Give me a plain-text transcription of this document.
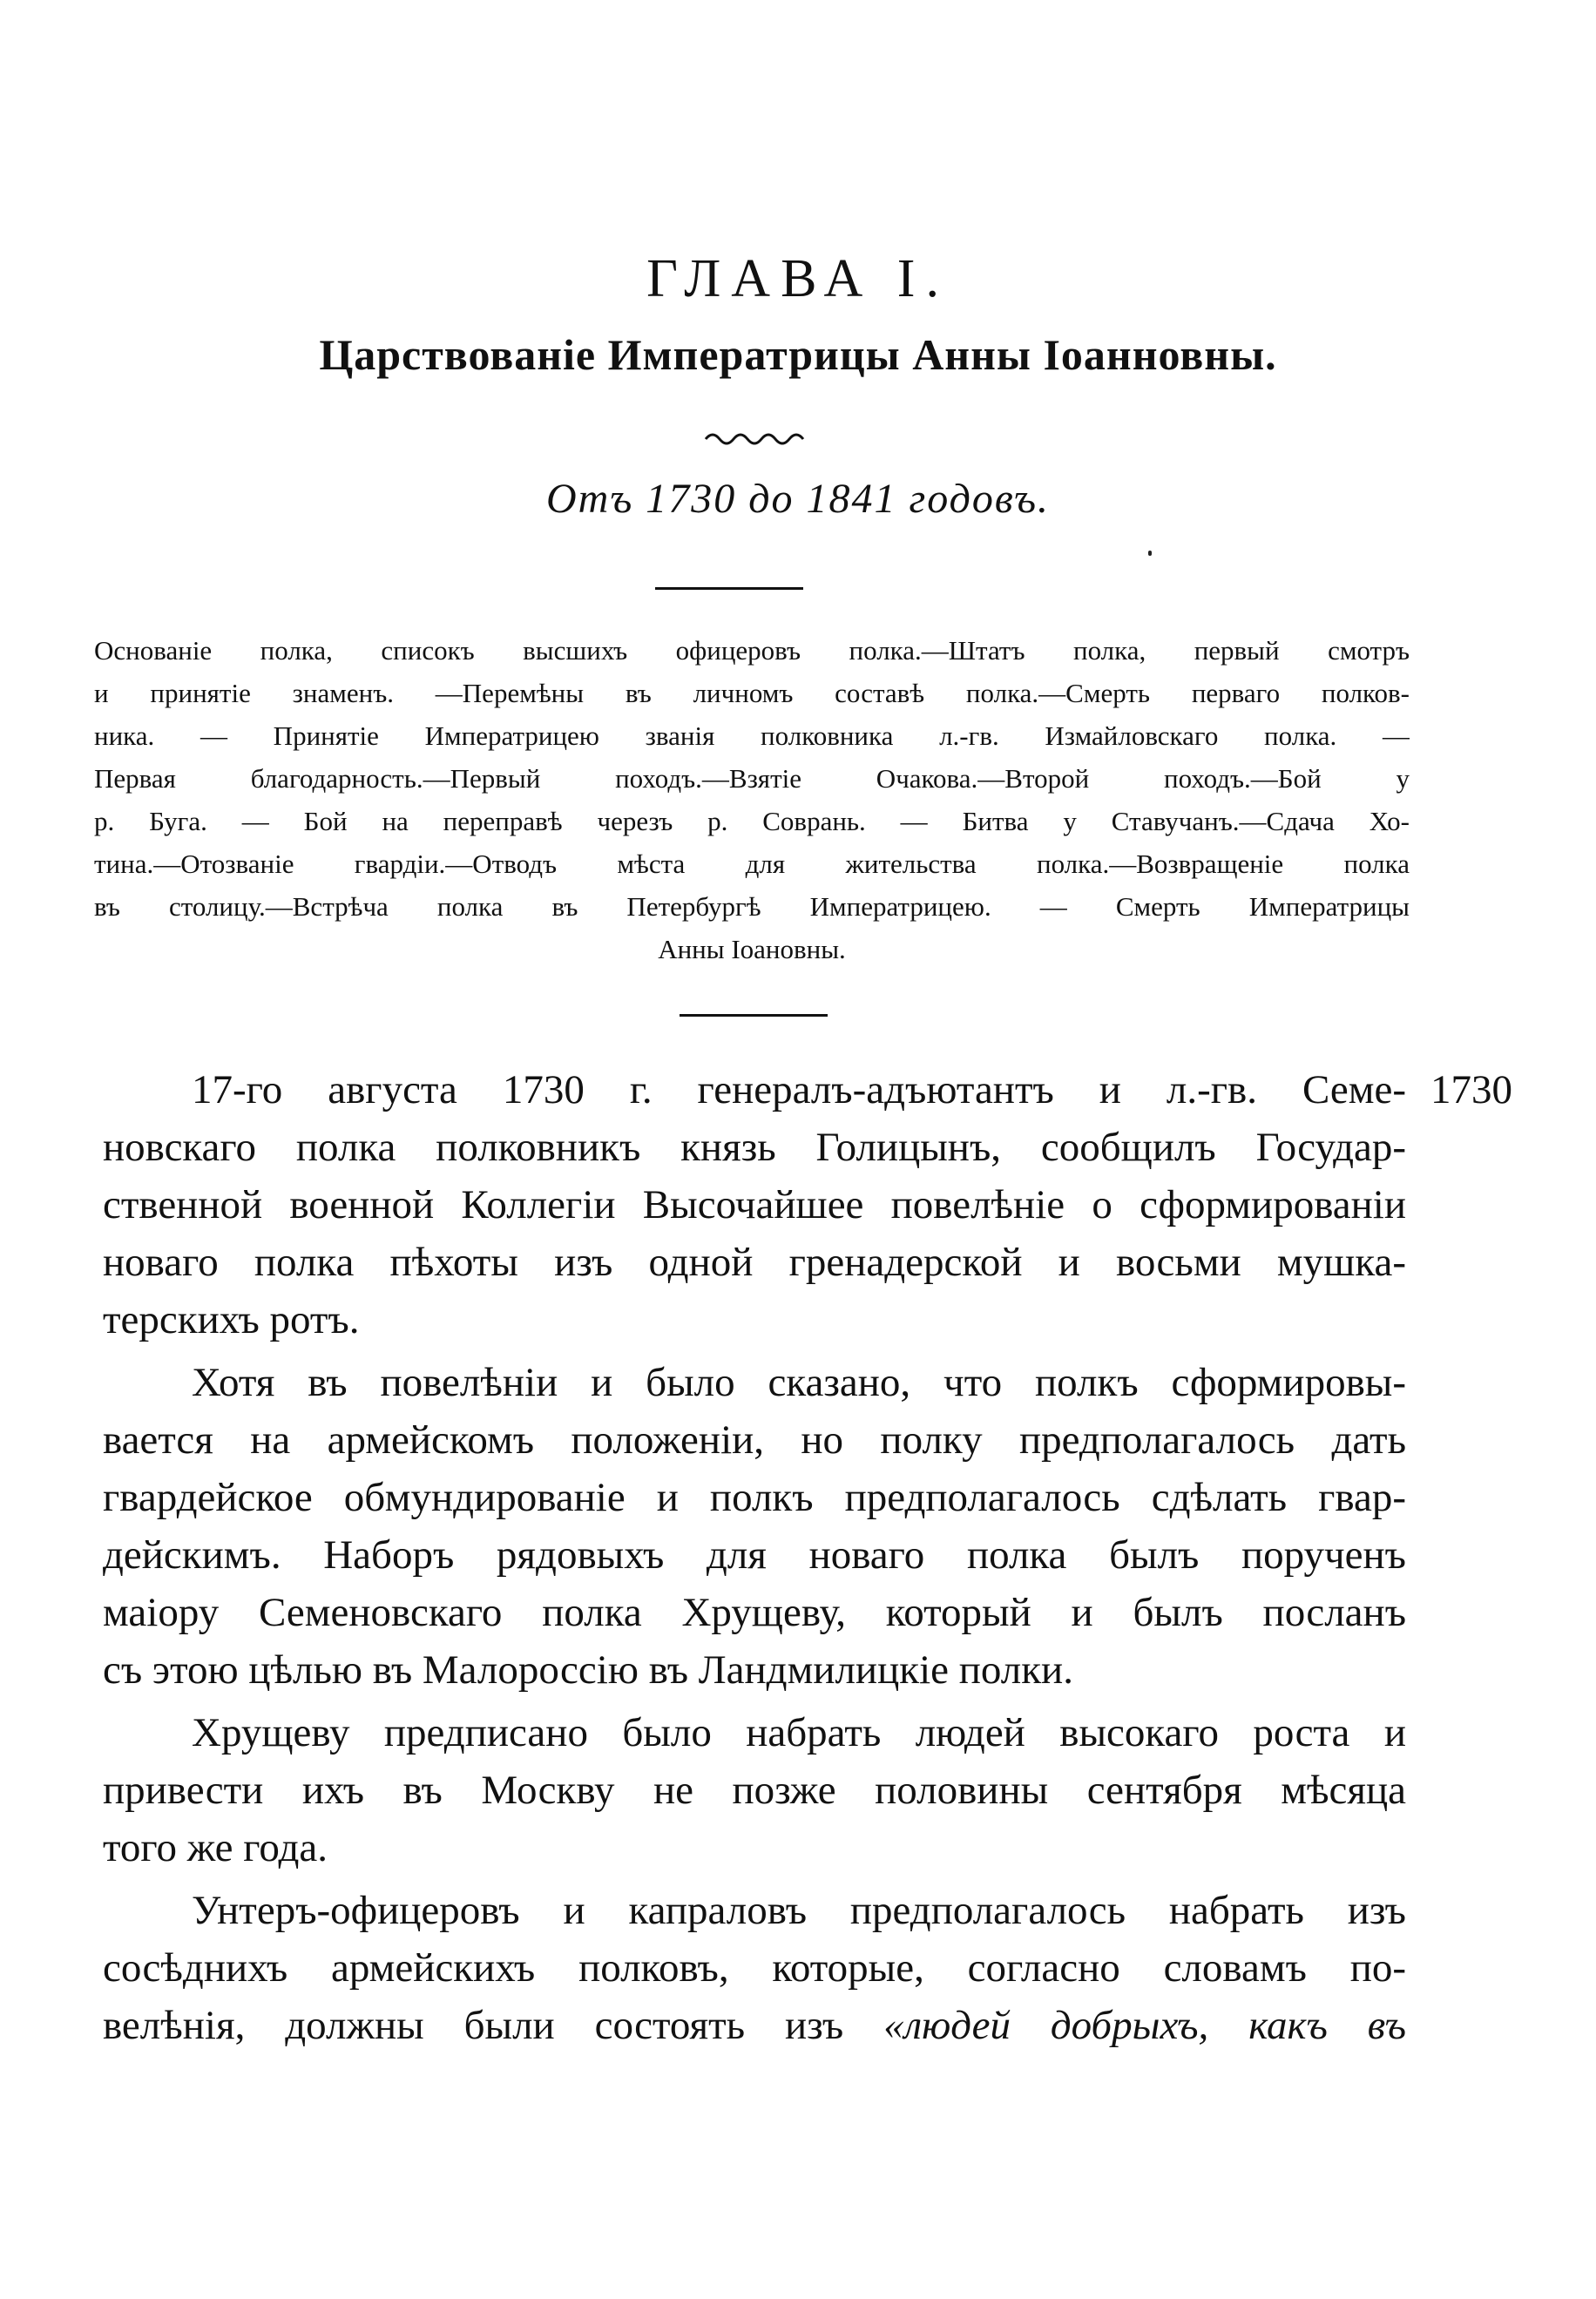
ГЛАВА I.
Царствованіе Императрицы Анны Іоанновны.
Отъ 1730 до 1841 годовъ.
Основаніе полка, списокъ высшихъ офицеровъ полка.—Штатъ полка, первый смотръ
и принятіе знаменъ. —Перемѣны въ личномъ составѣ полка.—Смерть перваго полков-
ника. — Принятіе Императрицею званія полковника л.-гв. Измайловскаго полка. —
Первая благодарность.—Первый походъ.—Взятіе Очакова.—Второй походъ.—Бой у
р. Буга. — Бой на переправѣ черезъ р. Соврань. — Битва у Ставучанъ.—Сдача Хо-
тина.—Отозваніе гвардіи.—Отводъ мѣста для жительства полка.—Возвращеніе полка
въ столицу.—Встрѣча полка въ Петербургѣ Императрицею. — Смерть Императрицы
Анны Іоановны.
1730
17-го августа 1730 г. генералъ-адъютантъ и л.-гв. Семе-
новскаго полка полковникъ князь Голицынъ, сообщилъ Государ-
ственной военной Коллегіи Высочайшее повелѣніе о сформированіи
новаго полка пѣхоты изъ одной гренадерской и восьми мушка-
терскихъ ротъ.
Хотя въ повелѣніи и было сказано, что полкъ сформировы-
вается на армейскомъ положеніи, но полку предполагалось дать
гвардейское обмундированіе и полкъ предполагалось сдѣлать гвар-
дейскимъ. Наборъ рядовыхъ для новаго полка былъ порученъ
маіору Семеновскаго полка Хрущеву, который и былъ посланъ
съ этою цѣлью въ Малороссію въ Ландмилицкіе полки.
Хрущеву предписано было набрать людей высокаго роста и
привести ихъ въ Москву не позже половины сентября мѣсяца
того же года.
Унтеръ-офицеровъ и капраловъ предполагалось набрать изъ
сосѣднихъ армейскихъ полковъ, которые, согласно словамъ по-
велѣнія, должны были состоять изъ «людей добрыхъ, какъ въ
